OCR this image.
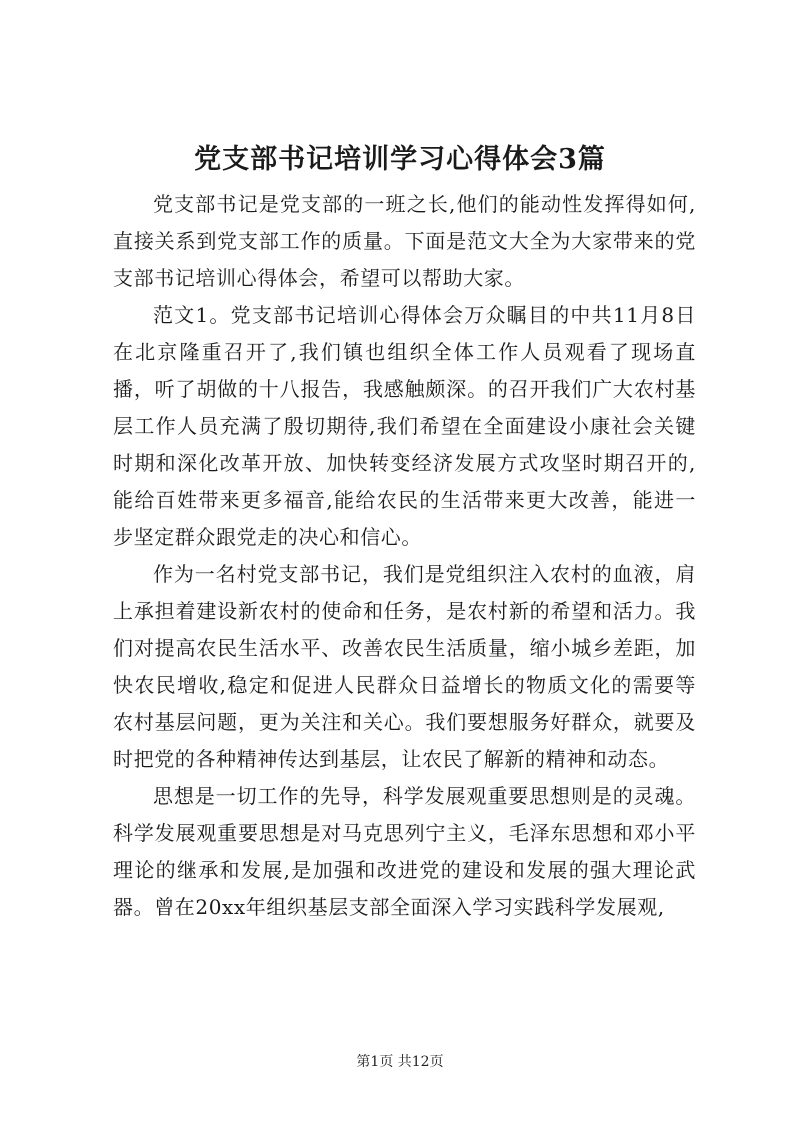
党支部书记培训学习心得体会3篇

党支部书记是党支部的一班之长,他们的能动性发挥得如何,直接关系到党支部工作的质量。下面是范文大全为大家带来的党支部书记培训心得体会，希望可以帮助大家。

范文1。党支部书记培训心得体会万众瞩目的中共11月8日在北京隆重召开了,我们镇也组织全体工作人员观看了现场直播，听了胡做的十八报告，我感触颇深。的召开我们广大农村基层工作人员充满了殷切期待,我们希望在全面建设小康社会关键时期和深化改革开放、加快转变经济发展方式攻坚时期召开的,能给百姓带来更多福音,能给农民的生活带来更大改善，能进一步坚定群众跟党走的决心和信心。

作为一名村党支部书记，我们是党组织注入农村的血液，肩上承担着建设新农村的使命和任务，是农村新的希望和活力。我们对提高农民生活水平、改善农民生活质量，缩小城乡差距，加快农民增收,稳定和促进人民群众日益增长的物质文化的需要等农村基层问题，更为关注和关心。我们要想服务好群众，就要及时把党的各种精神传达到基层，让农民了解新的精神和动态。

思想是一切工作的先导，科学发展观重要思想则是的灵魂。科学发展观重要思想是对马克思列宁主义，毛泽东思想和邓小平理论的继承和发展,是加强和改进党的建设和发展的强大理论武器。曾在20xx年组织基层支部全面深入学习实践科学发展观,

第1页 共12页
